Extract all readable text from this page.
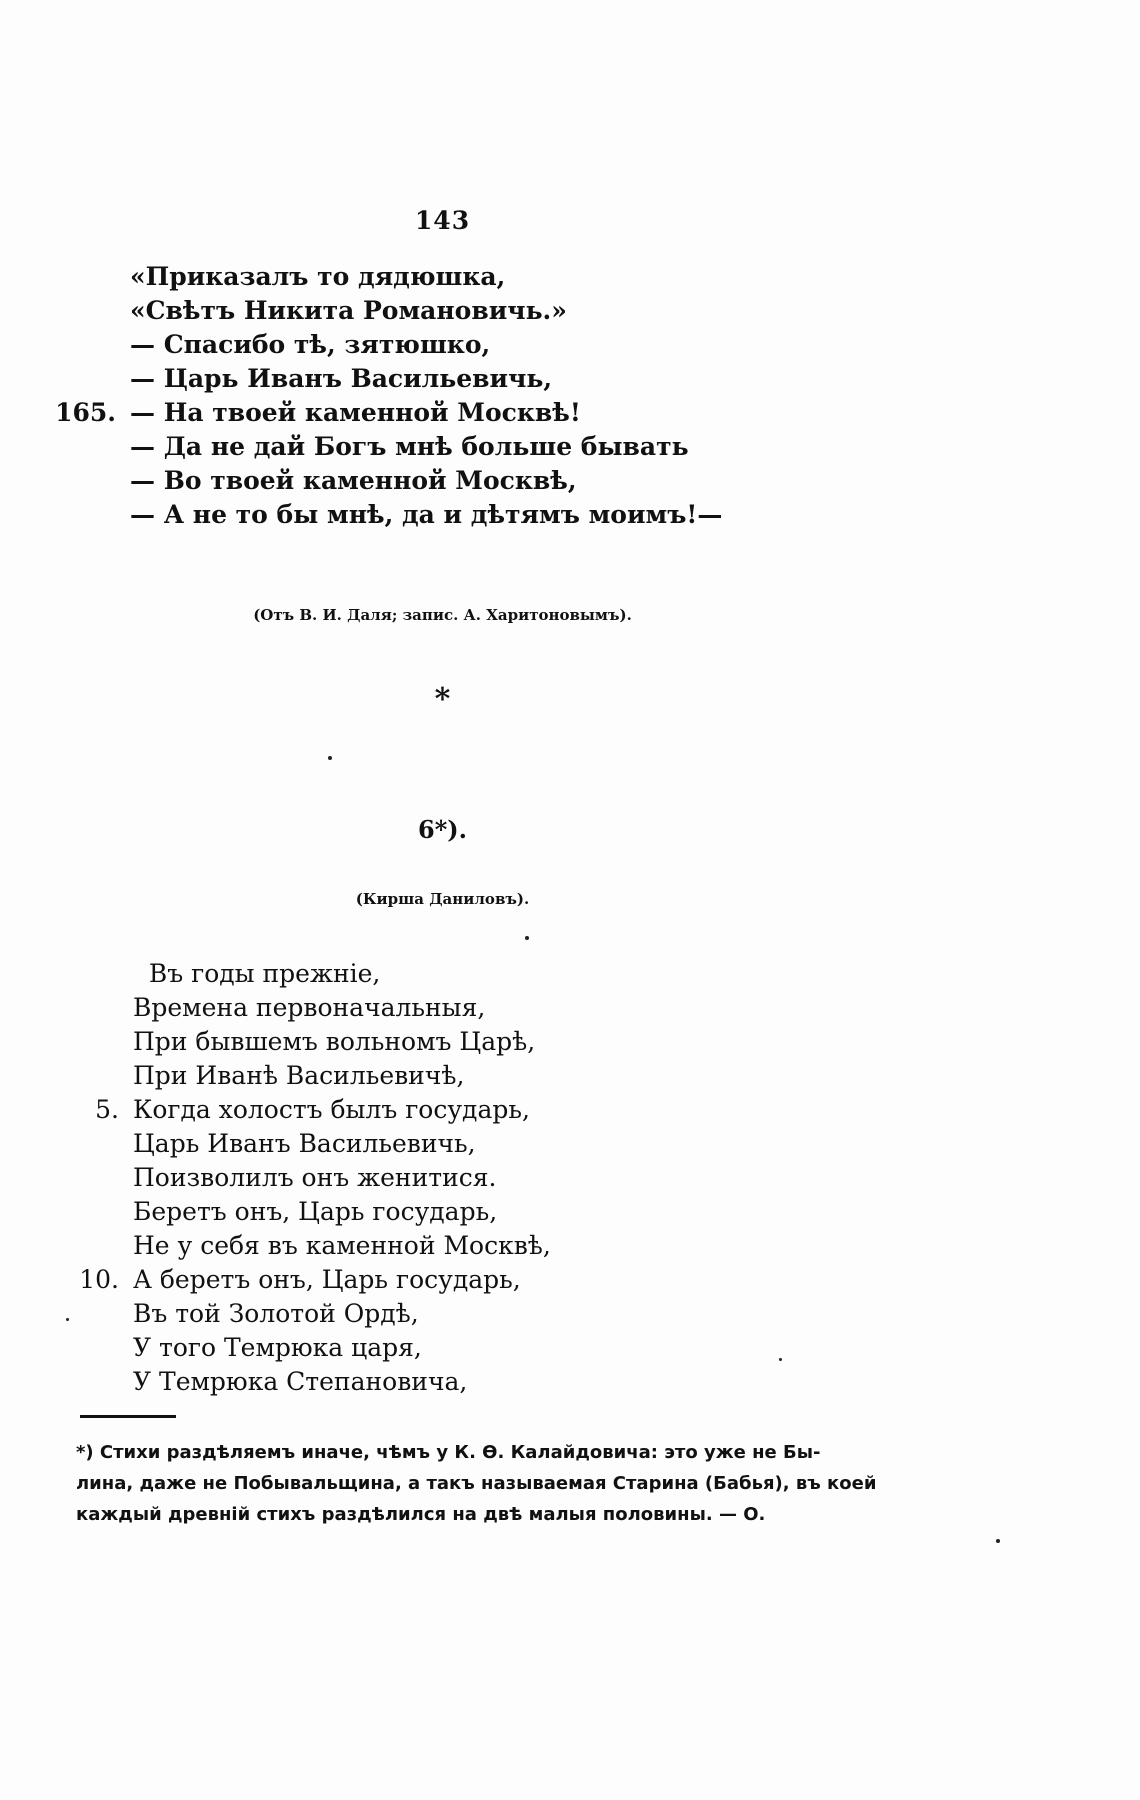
143
«Приказалъ то дядюшка,
«Свѣтъ Никита Романовичь.»
— Спасибо тѣ, зятюшко,
— Царь Иванъ Васильевичь,
165. — На твоей каменной Москвѣ!
— Да не дай Богъ мнѣ больше бывать
— Во твоей каменной Москвѣ,
— А не то бы мнѣ, да и дѣтямъ моимъ!—
(Отъ В. И. Даля; запис. А. Харитоновымъ).
*
6*).
(Кирша Даниловъ).
Въ годы прежніе,
Времена первоначальныя,
При бывшемъ вольномъ Царѣ,
При Иванѣ Васильевичѣ,
5. Когда холостъ былъ государь,
Царь Иванъ Васильевичь,
Поизволилъ онъ женитися.
Беретъ онъ, Царь государь,
Не у себя въ каменной Москвѣ,
10. А беретъ онъ, Царь государь,
Въ той Золотой Ордѣ,
У того Темрюка царя,
У Темрюка Степановича,
*) Стихи раздѣляемъ иначе, чѣмъ у К. Ѳ. Калайдовича: это уже не Бы-
лина, даже не Побывальщина, а такъ называемая Старина (Бабья), въ коей
каждый древній стихъ раздѣлился на двѣ малыя половины. — О.
